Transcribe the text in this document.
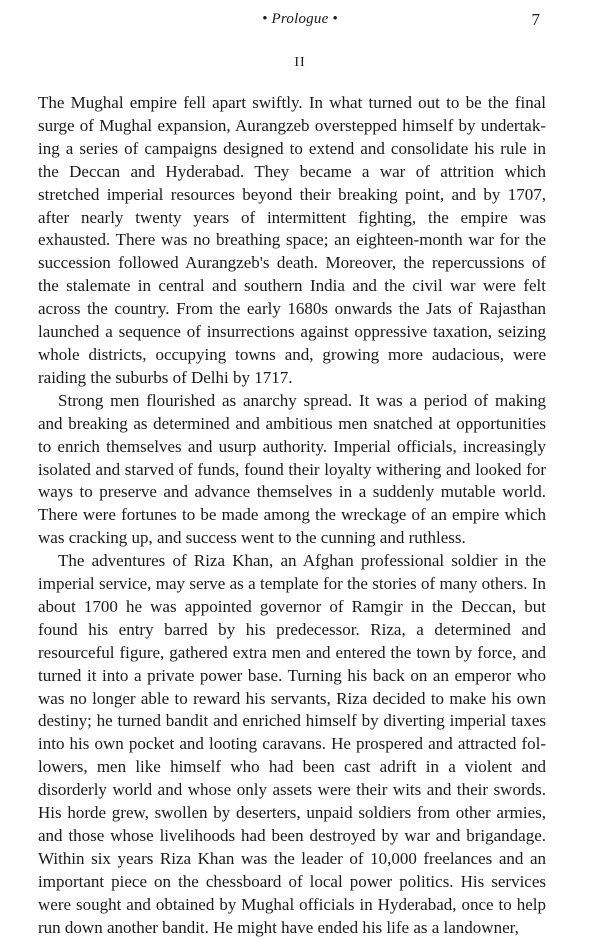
• Prologue •	7
II

The Mughal empire fell apart swiftly. In what turned out to be the final surge of Mughal expansion, Aurangzeb overstepped himself by undertaking a series of campaigns designed to extend and consolidate his rule in the Deccan and Hyderabad. They became a war of attrition which stretched imperial resources beyond their breaking point, and by 1707, after nearly twenty years of intermittent fighting, the empire was exhausted. There was no breathing space; an eighteen-month war for the succession followed Aurangzeb's death. Moreover, the repercussions of the stalemate in central and southern India and the civil war were felt across the country. From the early 1680s onwards the Jats of Rajasthan launched a sequence of insurrections against oppressive taxation, seizing whole districts, occupying towns and, growing more audacious, were raiding the suburbs of Delhi by 1717.

Strong men flourished as anarchy spread. It was a period of making and breaking as determined and ambitious men snatched at opportunities to enrich themselves and usurp authority. Imperial officials, increasingly isolated and starved of funds, found their loyalty withering and looked for ways to preserve and advance themselves in a suddenly mutable world. There were fortunes to be made among the wreckage of an empire which was cracking up, and success went to the cunning and ruthless.

The adventures of Riza Khan, an Afghan professional soldier in the imperial service, may serve as a template for the stories of many others. In about 1700 he was appointed governor of Ramgir in the Deccan, but found his entry barred by his predecessor. Riza, a determined and resourceful figure, gathered extra men and entered the town by force, and turned it into a private power base. Turning his back on an emperor who was no longer able to reward his servants, Riza decided to make his own destiny; he turned bandit and enriched himself by diverting imperial taxes into his own pocket and looting caravans. He prospered and attracted followers, men like himself who had been cast adrift in a violent and disorderly world and whose only assets were their wits and their swords. His horde grew, swollen by deserters, unpaid soldiers from other armies, and those whose livelihoods had been destroyed by war and brigandage. Within six years Riza Khan was the leader of 10,000 freelances and an important piece on the chessboard of local power politics. His services were sought and obtained by Mughal officials in Hyderabad, once to help run down another bandit. He might have ended his life as a landowner,
